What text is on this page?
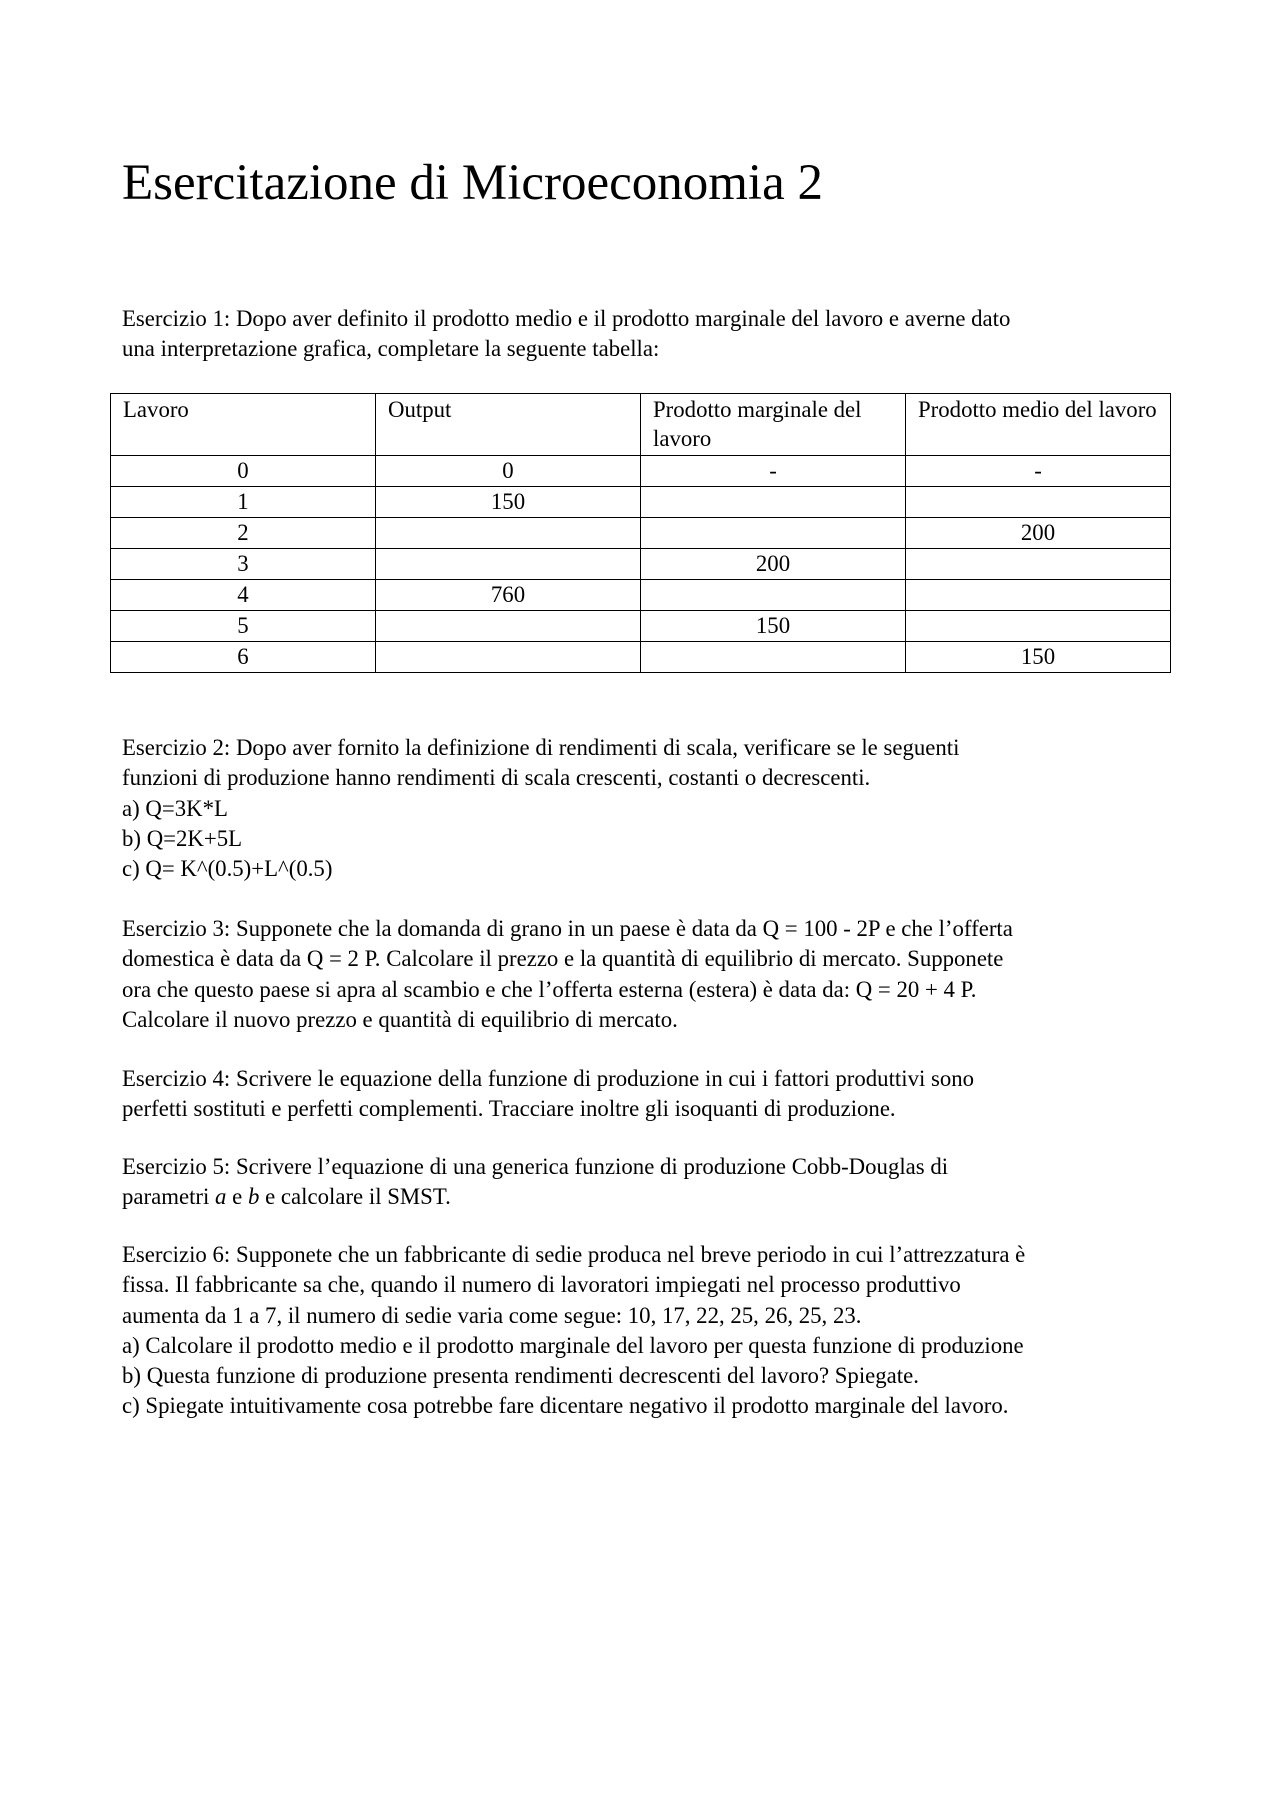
Esercitazione di Microeconomia 2
Esercizio 1: Dopo aver definito il prodotto medio e il prodotto marginale del lavoro e averne dato
una interpretazione grafica, completare la seguente tabella:
Lavoro	Output	Prodotto marginale del lavoro	Prodotto medio del lavoro
0	0	-	-
1	150		
2			200
3		200	
4	760		
5		150	
6			150
Esercizio 2: Dopo aver fornito la definizione di rendimenti di scala, verificare se le seguenti
funzioni di produzione hanno rendimenti di scala crescenti, costanti o decrescenti.
a) Q=3K*L
b) Q=2K+5L
c) Q= K^(0.5)+L^(0.5)
Esercizio 3: Supponete che la domanda di grano in un paese è data da Q = 100 - 2P e che l’offerta
domestica è data da Q = 2 P. Calcolare il prezzo e la quantità di equilibrio di mercato. Supponete
ora che questo paese si apra al scambio e che l’offerta esterna (estera) è data da: Q = 20 + 4 P.
Calcolare il nuovo prezzo e quantità di equilibrio di mercato.
Esercizio 4: Scrivere le equazione della funzione di produzione in cui i fattori produttivi sono
perfetti sostituti e perfetti complementi. Tracciare inoltre gli isoquanti di produzione.
Esercizio 5: Scrivere l’equazione di una generica funzione di produzione Cobb-Douglas di
parametri a e b e calcolare il SMST.
Esercizio 6: Supponete che un fabbricante di sedie produca nel breve periodo in cui l’attrezzatura è
fissa. Il fabbricante sa che, quando il numero di lavoratori impiegati nel processo produttivo
aumenta da 1 a 7, il numero di sedie varia come segue: 10, 17, 22, 25, 26, 25, 23.
a) Calcolare il prodotto medio e il prodotto marginale del lavoro per questa funzione di produzione
b) Questa funzione di produzione presenta rendimenti decrescenti del lavoro? Spiegate.
c) Spiegate intuitivamente cosa potrebbe fare dicentare negativo il prodotto marginale del lavoro.
